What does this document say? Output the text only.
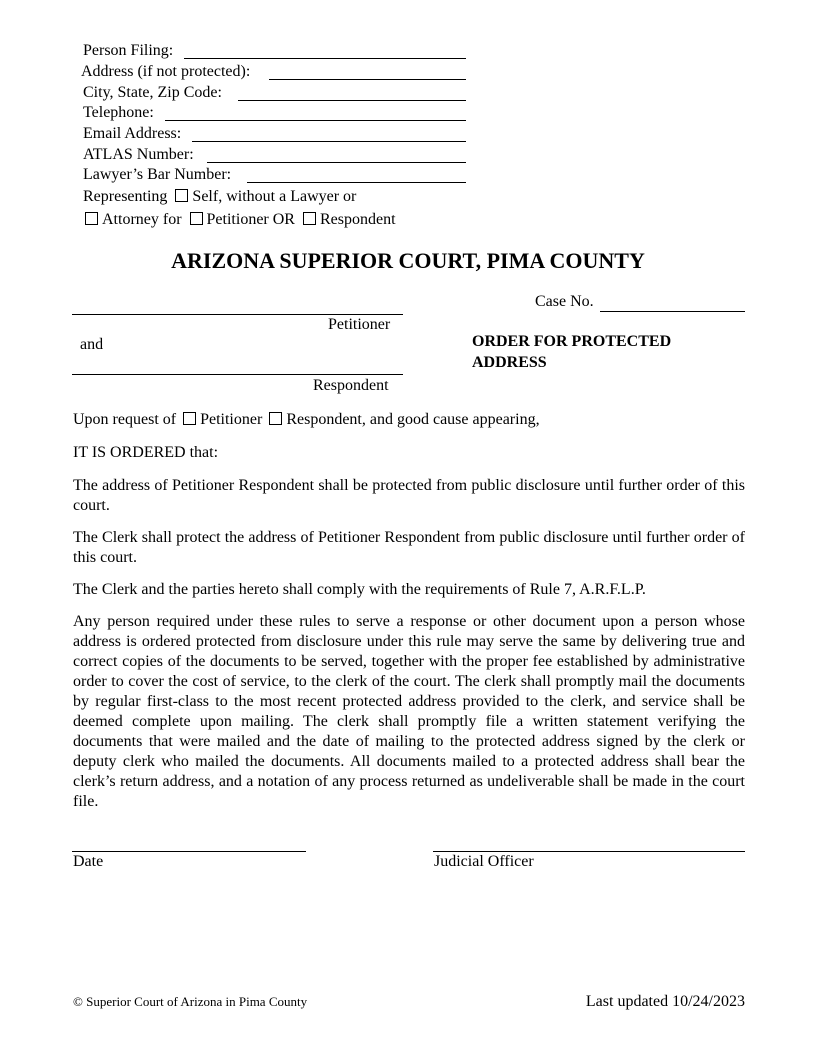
Person Filing:
Address (if not protected):
City, State, Zip Code:
Telephone:
Email Address:
ATLAS Number:
Lawyer’s Bar Number:
Representing Self, without a Lawyer or
Attorney for Petitioner OR Respondent
ARIZONA SUPERIOR COURT, PIMA COUNTY
Petitioner
and
Respondent
Case No.
ORDER FOR PROTECTED
ADDRESS
Upon request of Petitioner Respondent, and good cause appearing,
IT IS ORDERED that:
The address of Petitioner Respondent shall be protected from public disclosure until further order of this court.
The Clerk shall protect the address of Petitioner Respondent from public disclosure until further order of this court.
The Clerk and the parties hereto shall comply with the requirements of Rule 7, A.R.F.L.P.
Any person required under these rules to serve a response or other document upon a person whose address is ordered protected from disclosure under this rule may serve the same by delivering true and correct copies of the documents to be served, together with the proper fee established by administrative order to cover the cost of service, to the clerk of the court. The clerk shall promptly mail the documents by regular first-class to the most recent protected address provided to the clerk, and service shall be deemed complete upon mailing. The clerk shall promptly file a written statement verifying the documents that were mailed and the date of mailing to the protected address signed by the clerk or deputy clerk who mailed the documents. All documents mailed to a protected address shall bear the clerk’s return address, and a notation of any process returned as undeliverable shall be made in the court file.
Date	Judicial Officer
© Superior Court of Arizona in Pima County	Last updated 10/24/2023
